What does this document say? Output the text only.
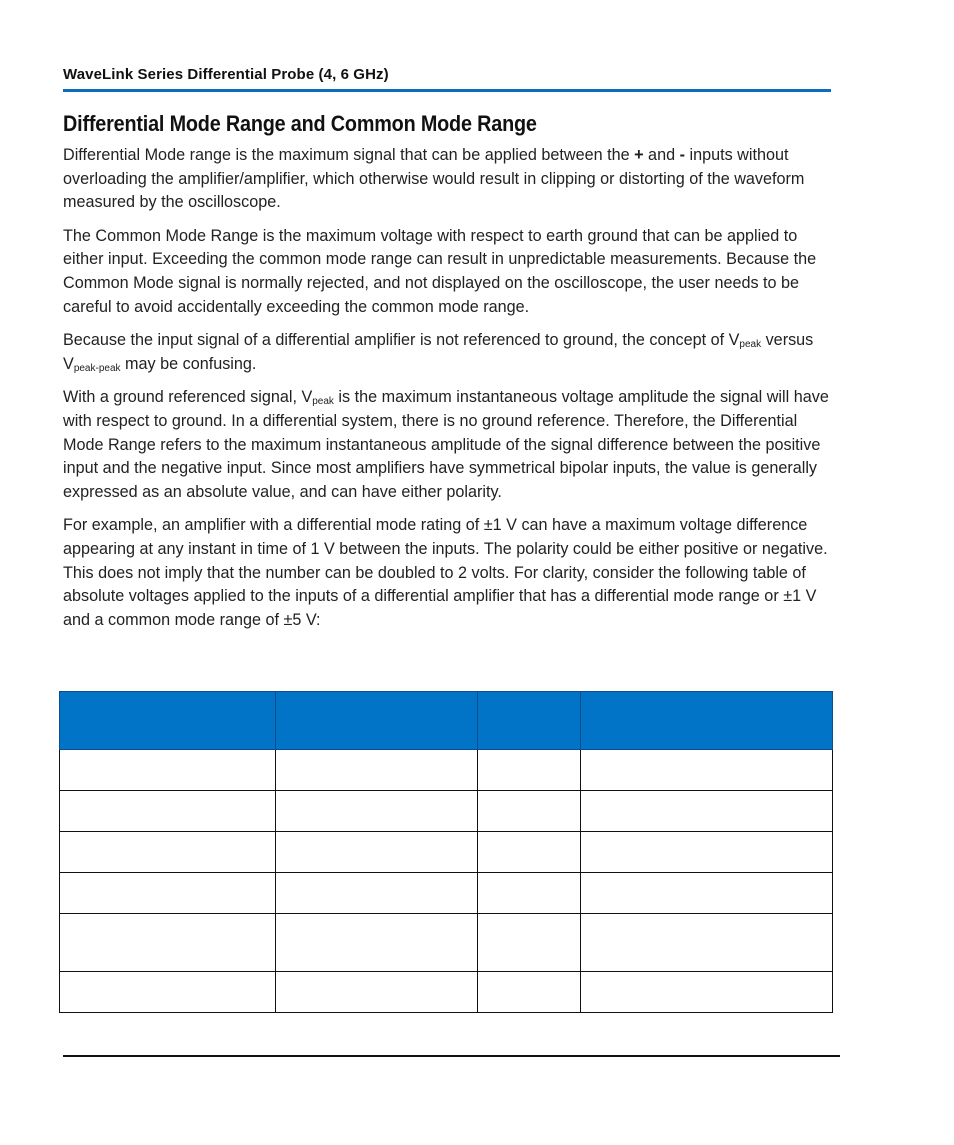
WaveLink Series Differential Probe (4, 6 GHz)
Differential Mode Range and Common Mode Range

Differential Mode range is the maximum signal that can be applied between the + and - inputs without overloading the amplifier/amplifier, which otherwise would result in clipping or distorting of the waveform measured by the oscilloscope.

The Common Mode Range is the maximum voltage with respect to earth ground that can be applied to either input. Exceeding the common mode range can result in unpredictable measurements. Because the Common Mode signal is normally rejected, and not displayed on the oscilloscope, the user needs to be careful to avoid accidentally exceeding the common mode range.

Because the input signal of a differential amplifier is not referenced to ground, the concept of $V_{peak}$ versus $V_{peak-peak}$ may be confusing.

With a ground referenced signal, $V_{peak}$ is the maximum instantaneous voltage amplitude the signal will have with respect to ground. In a differential system, there is no ground reference. Therefore, the Differential Mode Range refers to the maximum instantaneous amplitude of the signal difference between the positive input and the negative input. Since most amplifiers have symmetrical bipolar inputs, the value is generally expressed as an absolute value, and can have either polarity.

For example, an amplifier with a differential mode rating of ±1 V can have a maximum voltage difference appearing at any instant in time of 1 V between the inputs. The polarity could be either positive or negative. This does not imply that the number can be doubled to 2 volts. For clarity, consider the following table of absolute voltages applied to the inputs of a differential amplifier that has a differential mode range or ±1 V and a common mode range of ±5 V:
